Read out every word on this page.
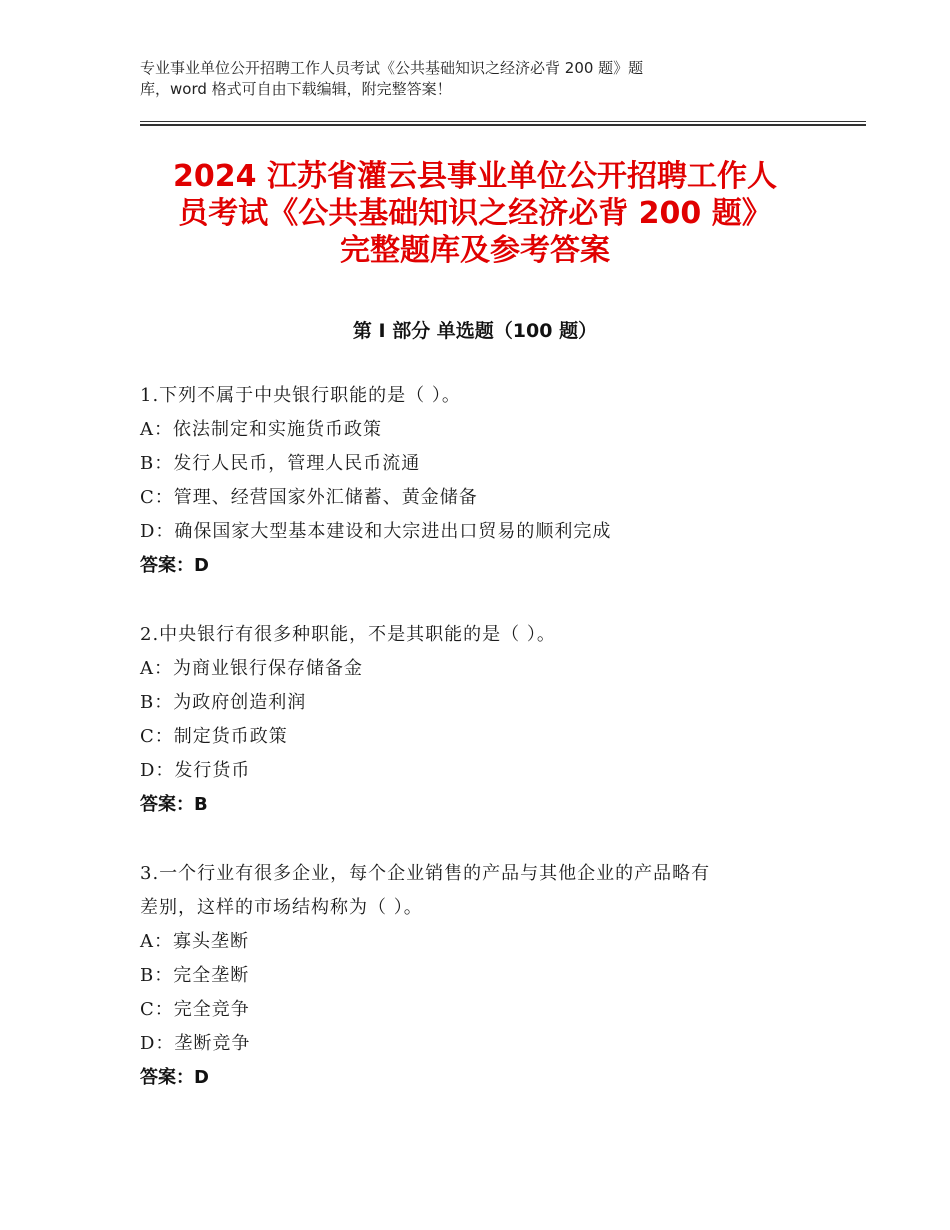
专业事业单位公开招聘工作人员考试《公共基础知识之经济必背 200 题》题
库，word 格式可自由下载编辑，附完整答案！
2024 江苏省灌云县事业单位公开招聘工作人
员考试《公共基础知识之经济必背 200 题》
完整题库及参考答案
第 I 部分 单选题（100 题）
1.下列不属于中央银行职能的是（ ）。
A：依法制定和实施货币政策
B：发行人民币，管理人民币流通
C：管理、经营国家外汇储蓄、黄金储备
D：确保国家大型基本建设和大宗进出口贸易的顺利完成
答案：D
2.中央银行有很多种职能，不是其职能的是（ ）。
A：为商业银行保存储备金
B：为政府创造利润
C：制定货币政策
D：发行货币
答案：B
3.一个行业有很多企业，每个企业销售的产品与其他企业的产品略有
差别，这样的市场结构称为（ ）。
A：寡头垄断
B：完全垄断
C：完全竞争
D：垄断竞争
答案：D
